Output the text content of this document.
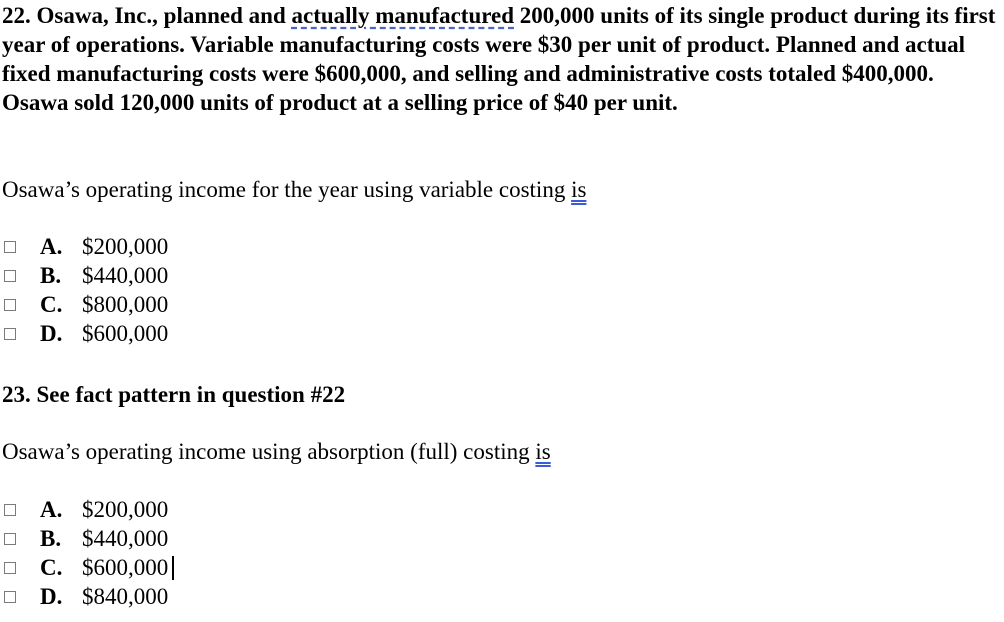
22. Osawa, Inc., planned and actually manufactured 200,000 units of its single product during its first year of operations. Variable manufacturing costs were $30 per unit of product. Planned and actual fixed manufacturing costs were $600,000, and selling and administrative costs totaled $400,000. Osawa sold 120,000 units of product at a selling price of $40 per unit.

Osawa’s operating income for the year using variable costing is

A. $200,000
B. $440,000
C. $800,000
D. $600,000

23. See fact pattern in question #22

Osawa’s operating income using absorption (full) costing is

A. $200,000
B. $440,000
C. $600,000
D. $840,000
